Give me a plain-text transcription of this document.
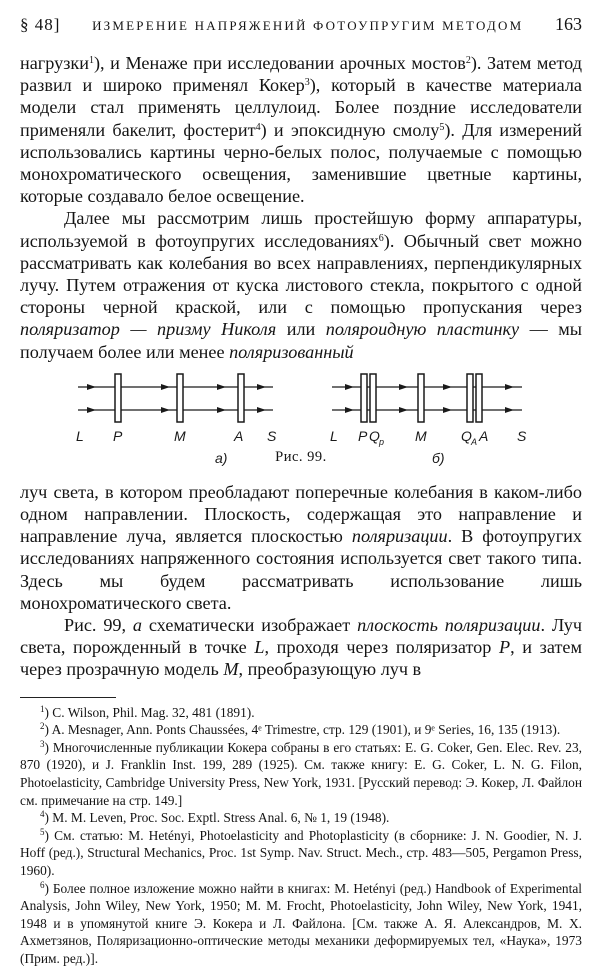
§ 48] ИЗМЕРЕНИЕ НАПРЯЖЕНИЙ ФОТОУПРУГИМ МЕТОДОМ 163

нагрузки$^1$), и Менаже при исследовании арочных мостов$^2$). Затем метод развил и широко применял Кокер$^3$), который в качестве материала модели стал применять целлулоид. Более поздние исследователи применяли бакелит, фостерит$^4$) и эпоксидную смолу$^5$). Для измерений использовались картины черно-белых полос, получаемые с помощью монохроматического освещения, заменившие цветные картины, которые создавало белое освещение.

Далее мы рассмотрим лишь простейшую форму аппаратуры, используемой в фотоупругих исследованиях$^6$). Обычный свет можно рассматривать как колебания во всех направлениях, перпендикулярных лучу. Путем отражения от куска листового стекла, покрытого с одной стороны черной краской, или с помощью пропускания через поляризатор — призму Николя или поляроидную пластинку — мы получаем более или менее поляризованный

L P	M	A S	L P Q	M Q A S
а)	б)
p	A
Рис. 99.

луч света, в котором преобладают поперечные колебания в каком-либо одном направлении. Плоскость, содержащая это направление и направление луча, является плоскостью поляризации. В фотоупругих исследованиях напряженного состояния используется свет такого типа. Здесь мы будем рассматривать использование лишь монохроматического света.

Рис. 99, а схематически изображает плоскость поляризации. Луч света, порожденный в точке L, проходя через поляризатор P, и затем через прозрачную модель M, преобразующую луч в

$^1$) C. Wilson, Phil. Mag. 32, 481 (1891).

$^2$) A. Mesnager, Ann. Ponts Chaussées, 4ᵉ Trimestre, стр. 129 (1901), и 9ᵉ Series, 16, 135 (1913).

$^3$) Многочисленные публикации Кокера собраны в его статьях: E. G. Coker, Gen. Elec. Rev. 23, 870 (1920), и J. Franklin Inst. 199, 289 (1925). См. также книгу: E. G. Coker, L. N. G. Filon, Photoelasticity, Cambridge University Press, New York, 1931. [Русский перевод: Э. Кокер, Л. Файлон см. примечание на стр. 149.]

$^4$) M. M. Leven, Proc. Soc. Exptl. Stress Anal. 6, № 1, 19 (1948).

$^5$) См. статью: M. Hetényi, Photoelasticity and Photoplasticity (в сборнике: J. N. Goodier, N. J. Hoff (ред.), Structural Mechanics, Proc. 1st Symp. Nav. Struct. Mech., стр. 483—505, Pergamon Press, 1960).

$^6$) Более полное изложение можно найти в книгах: M. Hetényi (ред.) Handbook of Experimental Analysis, John Wiley, New York, 1950; M. M. Frocht, Photoelasticity, John Wiley, New York, 1941, 1948 и в упомянутой книге Э. Кокера и Л. Файлона. [См. также А. Я. Александров, М. Х. Ахметзянов, Поляризационно-оптические методы механики деформируемых тел, «Наука», 1973 (Прим. ред.)].
